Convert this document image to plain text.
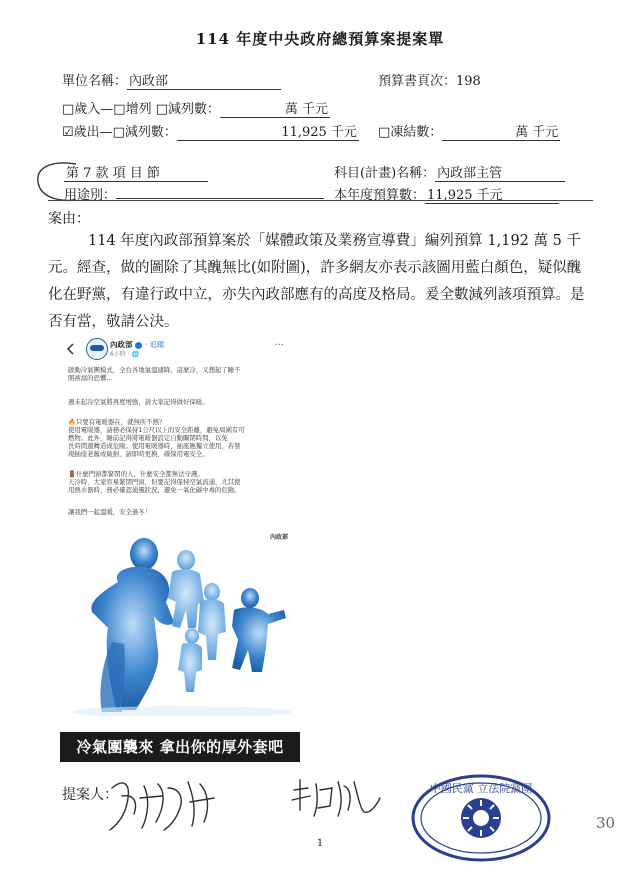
114 年度中央政府總預算案提案單
單位名稱： 內政部	預算書頁次：198
□歲入—□增列 □減列數：	萬 千元
☑歲出—□減列數：	11,925 千元 □凍結數：	萬 千元
第 7 款 項 目 節
用途別：
科目(計畫)名稱： 內政部主管
本年度預算數： 11,925 千元
案由：

114 年度內政部預算案於「媒體政策及業務宣導費」編列預算 1,192 萬 5 千元。經查，做的圖除了其醜無比(如附圖)，許多網友亦表示該圖用藍白顏色，疑似醜化在野黨，有違行政中立，亦失內政部應有的高度及格局。爰全數減列該項預算。是否有當，敬請公決。

內政部 · 追蹤
6小時 · 🌐
···
啟動冷氣團模式，全台各地氣溫遽降，這麼冷，又想起了睡不
開被窩的恐懼…
週末起冷空氣將再度增強，請大家記得做好保暖。
🔥只要有電暖器在，就無所不熱？
使用電暖器，請務必保持1公尺以上的安全距離，避免周圍有可
燃物。此外，睡前記得將電暖器設定自動關閉時間，以免
長時間運轉造成危險。使用電暖器時，插座應獨立使用，若發
現插座老舊或破損，請即時更換，確保用電安全。
🚪什麼門窗都緊閉的人，什麼安全都無法守護。
天冷時，大家容易緊閉門窗，但要記得保持空氣流通，尤其使
用熱水器時，務必確認通風狀況，避免一氧化碳中毒的危險。
讓我們一起溫暖，安全過冬！
內政部
冷氣團襲來 拿出你的厚外套吧
提案人：	中國民黨 立法院黨團
30
1
